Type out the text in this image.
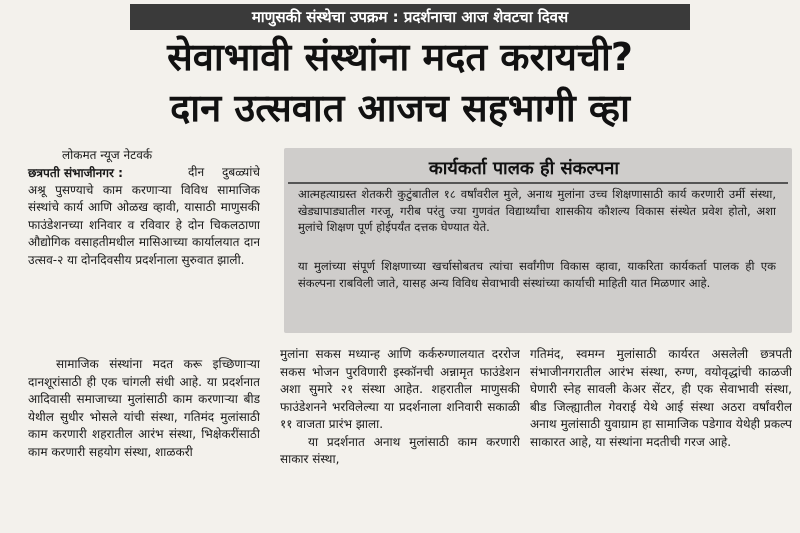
माणुसकी संस्थेचा उपक्रम : प्रदर्शनाचा आज शेवटचा दिवस
सेवाभावी संस्थांना मदत करायची?
दान उत्सवात आजच सहभागी व्हा
लोकमत न्यूज नेटवर्क
छत्रपती संभाजीनगर :	दीन दुबळ्यांचे अश्रू पुसण्याचे काम करणाऱ्या विविध सामाजिक संस्थांचे कार्य आणि ओळख व्हावी, यासाठी माणुसकी फाउंडेशनच्या शनिवार व रविवार हे दोन चिकलठाणा औद्योगिक वसाहतीमधील मासिआच्या कार्यालयात दान उत्सव-२ या दोनदिवसीय प्रदर्शनाला सुरुवात झाली.

सामाजिक संस्थांना मदत करू इच्छिणाऱ्या दानशूरांसाठी ही एक चांगली संधी आहे. या प्रदर्शनात आदिवासी समाजाच्या मुलांसाठी काम करणाऱ्या बीड येथील सुधीर भोसले यांची संस्था, गतिमंद मुलांसाठी काम करणारी शहरातील आरंभ संस्था, भिक्षेकरींसाठी काम करणारी सहयोग संस्था, शाळकरी

मुलांना सकस मध्यान्ह आणि कर्करुग्णालयात दररोज सकस भोजन पुरविणारी इस्कॉनची अन्नामृत फाउंडेशन अशा सुमारे २१ संस्था आहेत. शहरातील माणुसकी फाउंडेशनने भरविलेल्या या प्रदर्शनाला शनिवारी सकाळी ११ वाजता प्रारंभ झाला.

या प्रदर्शनात अनाथ मुलांसाठी काम करणारी साकार संस्था,

गतिमंद, स्वमग्न मुलांसाठी कार्यरत असलेली छत्रपती संभाजीनगरातील आरंभ संस्था, रुग्ण, वयोवृद्धांची काळजी घेणारी स्नेह सावली केअर सेंटर, ही एक सेवाभावी संस्था, बीड जिल्ह्यातील गेवराई येथे आई संस्था अठरा वर्षांवरील अनाथ मुलांसाठी युवाग्राम हा सामाजिक पडेगाव येथेही प्रकल्प साकारत आहे, या संस्थांना मदतीची गरज आहे.

कार्यकर्ता पालक ही संकल्पना
आत्महत्याग्रस्त शेतकरी कुटुंबातील १८ वर्षांवरील मुले, अनाथ मुलांना उच्च शिक्षणासाठी कार्य करणारी उर्मी संस्था, खेड्यापाड्यातील गरजू, गरीब परंतु ज्या गुणवंत विद्यार्थ्यांचा शासकीय कौशल्य विकास संस्थेत प्रवेश होतो, अशा मुलांचे शिक्षण पूर्ण होईपर्यंत दत्तक घेण्यात येते.
या मुलांच्या संपूर्ण शिक्षणाच्या खर्चासोबतच त्यांचा सर्वांगीण विकास व्हावा, याकरिता कार्यकर्ता पालक ही एक संकल्पना राबविली जाते, यासह अन्य विविध सेवाभावी संस्थांच्या कार्याची माहिती यात मिळणार आहे.
